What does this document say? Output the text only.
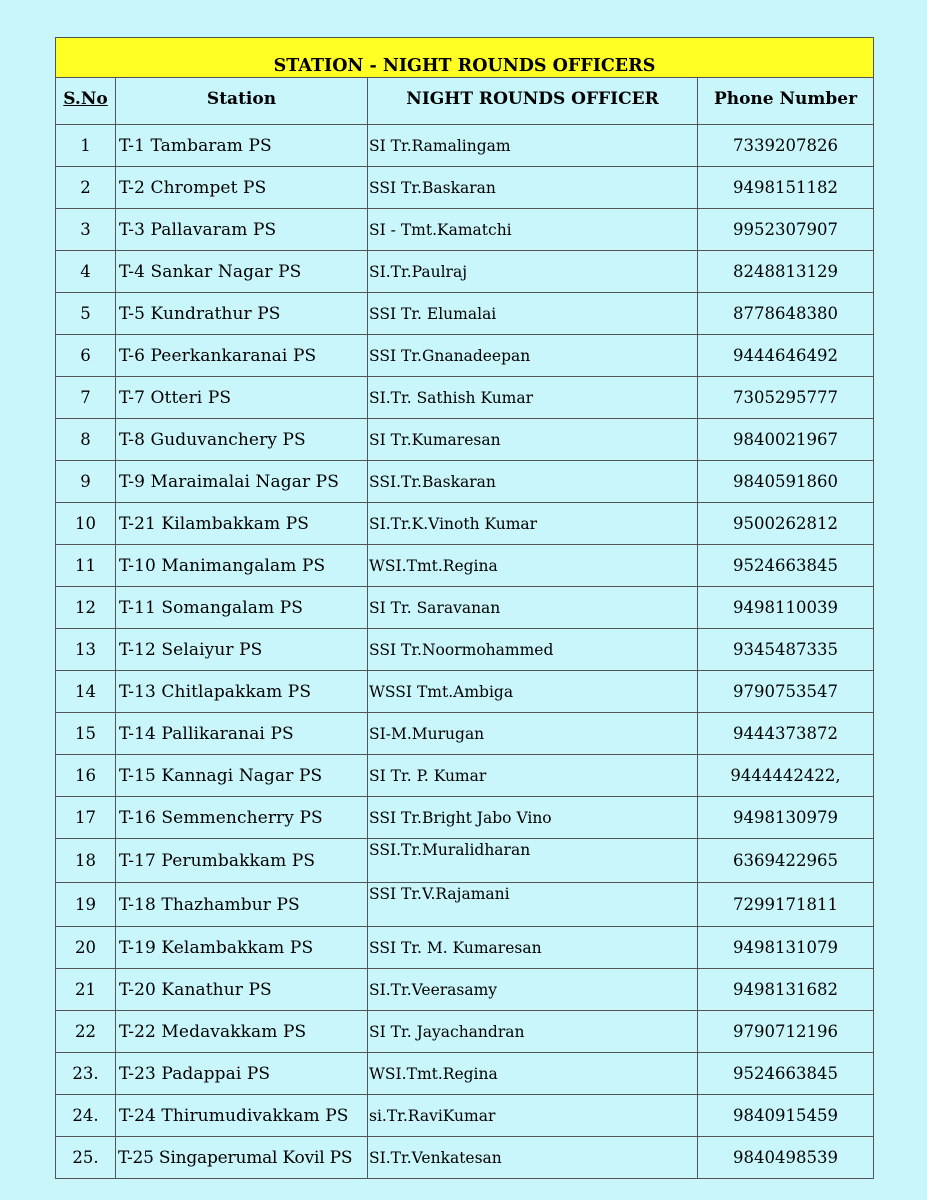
STATION - NIGHT ROUNDS OFFICERS			
S.No	Station	NIGHT ROUNDS OFFICER	Phone Number
1	T-1 Tambaram PS	SI Tr.Ramalingam	7339207826
2	T-2 Chrompet PS	SSI Tr.Baskaran	9498151182
3	T-3 Pallavaram PS	SI - Tmt.Kamatchi	9952307907
4	T-4 Sankar Nagar PS	SI.Tr.Paulraj	8248813129
5	T-5 Kundrathur PS	SSI Tr. Elumalai	8778648380
6	T-6 Peerkankaranai PS	SSI Tr.Gnanadeepan	9444646492
7	T-7 Otteri PS	SI.Tr. Sathish Kumar	7305295777
8	T-8 Guduvanchery PS	SI Tr.Kumaresan	9840021967
9	T-9 Maraimalai Nagar PS	SSI.Tr.Baskaran	9840591860
10	T-21 Kilambakkam PS	SI.Tr.K.Vinoth Kumar	9500262812
11	T-10 Manimangalam PS	WSI.Tmt.Regina	9524663845
12	T-11 Somangalam PS	SI Tr. Saravanan	9498110039
13	T-12 Selaiyur PS	SSI Tr.Noormohammed	9345487335
14	T-13 Chitlapakkam PS	WSSI Tmt.Ambiga	9790753547
15	T-14 Pallikaranai PS	SI-M.Murugan	9444373872
16	T-15 Kannagi Nagar PS	SI Tr. P. Kumar	9444442422,
17	T-16 Semmencherry PS	SSI Tr.Bright Jabo Vino	9498130979
18	T-17 Perumbakkam PS	SSI.Tr.Muralidharan	6369422965
19	T-18 Thazhambur PS	SSI Tr.V.Rajamani	7299171811
20	T-19 Kelambakkam PS	SSI Tr. M. Kumaresan	9498131079
21	T-20 Kanathur PS	SI.Tr.Veerasamy	9498131682
22	T-22 Medavakkam PS	SI Tr. Jayachandran	9790712196
23.	T-23 Padappai PS	WSI.Tmt.Regina	9524663845
24.	T-24 Thirumudivakkam PS	si.Tr.RaviKumar	9840915459
25.	T-25 Singaperumal Kovil PS	SI.Tr.Venkatesan	9840498539
